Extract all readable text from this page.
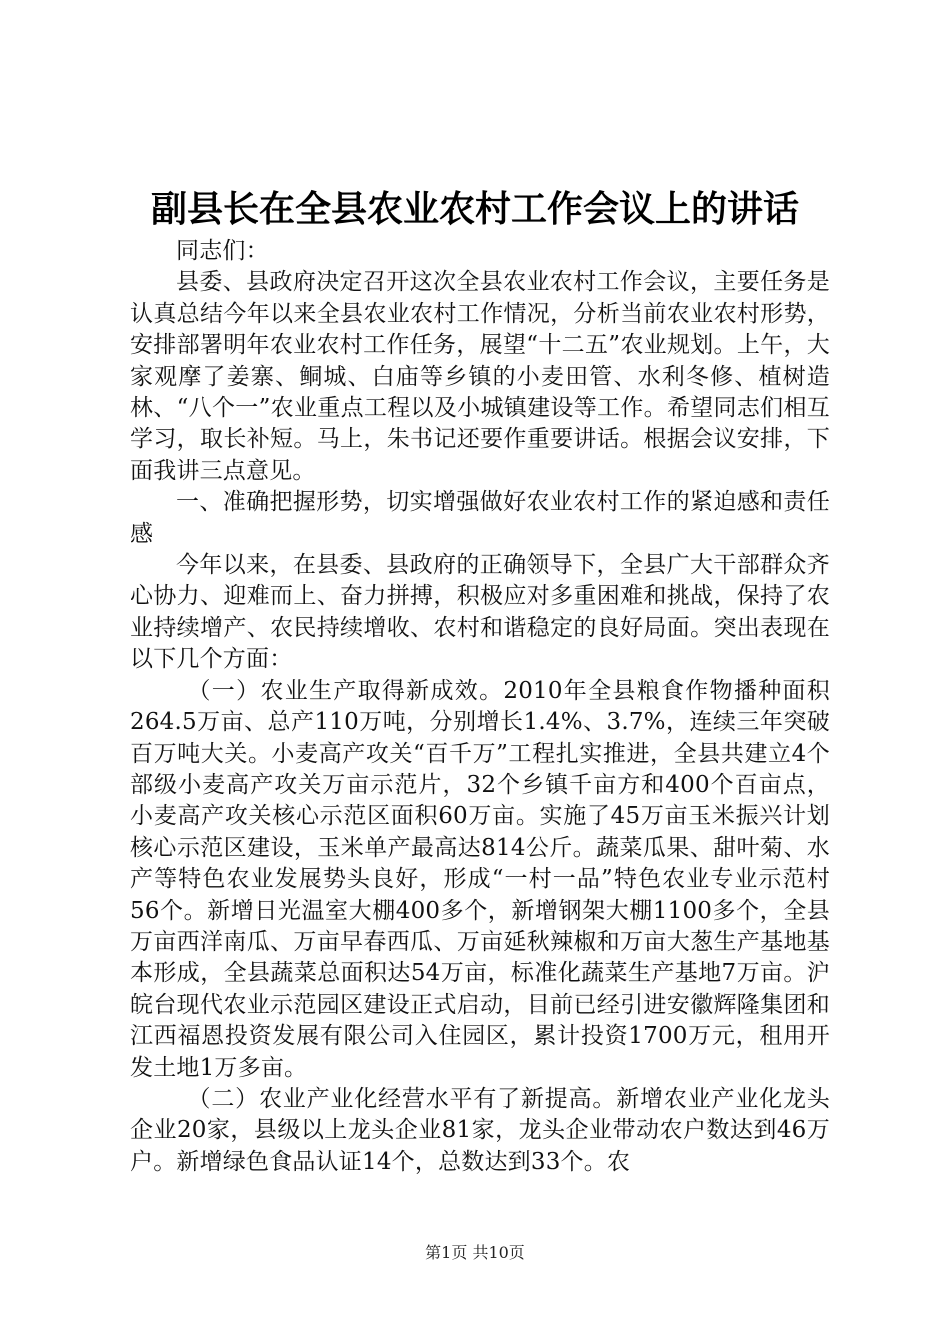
副县长在全县农业农村工作会议上的讲话

同志们：

县委、县政府决定召开这次全县农业农村工作会议，主要任务是认真总结今年以来全县农业农村工作情况，分析当前农业农村形势，安排部署明年农业农村工作任务，展望“十二五”农业规划。上午，大家观摩了姜寨、鲖城、白庙等乡镇的小麦田管、水利冬修、植树造林、“八个一”农业重点工程以及小城镇建设等工作。希望同志们相互学习，取长补短。马上，朱书记还要作重要讲话。根据会议安排，下面我讲三点意见。

一、准确把握形势，切实增强做好农业农村工作的紧迫感和责任感

今年以来，在县委、县政府的正确领导下，全县广大干部群众齐心协力、迎难而上、奋力拼搏，积极应对多重困难和挑战，保持了农业持续增产、农民持续增收、农村和谐稳定的良好局面。突出表现在以下几个方面：

（一）农业生产取得新成效。2010年全县粮食作物播种面积264.5万亩、总产110万吨，分别增长1.4%、3.7%，连续三年突破百万吨大关。小麦高产攻关“百千万”工程扎实推进，全县共建立4个部级小麦高产攻关万亩示范片，32个乡镇千亩方和400个百亩点，小麦高产攻关核心示范区面积60万亩。实施了45万亩玉米振兴计划核心示范区建设，玉米单产最高达814公斤。蔬菜瓜果、甜叶菊、水产等特色农业发展势头良好，形成“一村一品”特色农业专业示范村56个。新增日光温室大棚400多个，新增钢架大棚1100多个，全县万亩西洋南瓜、万亩早春西瓜、万亩延秋辣椒和万亩大葱生产基地基本形成，全县蔬菜总面积达54万亩，标准化蔬菜生产基地7万亩。沪皖台现代农业示范园区建设正式启动，目前已经引进安徽辉隆集团和江西福恩投资发展有限公司入住园区，累计投资1700万元，租用开发土地1万多亩。

（二）农业产业化经营水平有了新提高。新增农业产业化龙头企业20家，县级以上龙头企业81家，龙头企业带动农户数达到46万户。新增绿色食品认证14个，总数达到33个。农

第1页 共10页
